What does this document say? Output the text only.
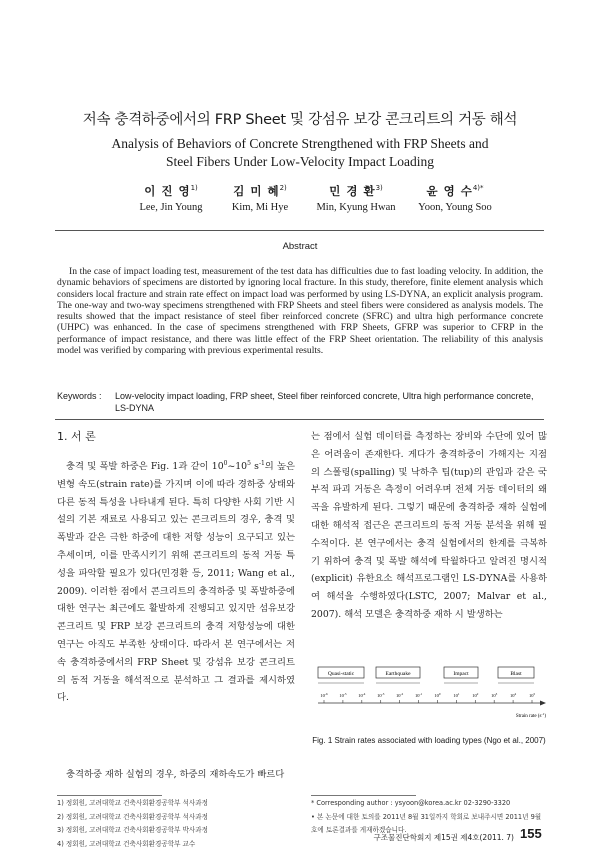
저속 충격하중에서의 FRP Sheet 및 강섬유 보강 콘크리트의 거동 해석
Analysis of Behaviors of Concrete Strengthened with FRP Sheets and
Steel Fibers Under Low-Velocity Impact Loading
이 진 영$^{1)}$
Lee, Jin Young
김 미 혜$^{2)}$
Kim, Mi Hye
민 경 환$^{3)}$
Min, Kyung Hwan
윤 영 수$^{4)*}$
Yoon, Young Soo
Abstract
In the case of impact loading test, measurement of the test data has difficulties due to fast loading velocity. In addition, the dynamic behaviors of specimens are distorted by ignoring local fracture. In this study, therefore, finite element analysis which considers local fracture and strain rate effect on impact load was performed by using LS-DYNA, an explicit analysis program. The one-way and two-way specimens strengthened with FRP Sheets and steel fibers were considered as analysis models. The results showed that the impact resistance of steel fiber reinforced concrete (SFRC) and ultra high performance concrete (UHPC) was enhanced. In the case of specimens strengthened with FRP Sheets, GFRP was superior to CFRP in the performance of impact resistance, and there was little effect of the FRP Sheet orientation. The reliability of this analysis model was verified by comparing with previous experimental results.
Keywords : Low-velocity impact loading, FRP sheet, Steel fiber reinforced concrete, Ultra high performance concrete, LS-DYNA
1. 서 론
충격 및 폭발 하중은 Fig. 1과 같이 $10^0\sim 10^5$ $s^{-1}$의 높은 변형 속도(strain rate)를 가지며 이에 따라 경하중 상태와 다른 동적 특성을 나타내게 된다. 특히 다양한 사회 기반 시설의 기본 재료로 사용되고 있는 콘크리트의 경우, 충격 및 폭발과 같은 극한 하중에 대한 저항 성능이 요구되고 있는 추세이며, 이를 만족시키기 위해 콘크리트의 동적 거동 특성을 파악할 필요가 있다(민경환 등, 2011; Wang et al., 2009). 이러한 점에서 콘크리트의 충격하중 및 폭발하중에 대한 연구는 최근에도 활발하게 진행되고 있지만 섬유보강 콘크리트 및 FRP 보강 콘크리트의 충격 저항성능에 대한 연구는 아직도 부족한 상태이다. 따라서 본 연구에서는 저속 충격하중에서의 FRP Sheet 및 강섬유 보강 콘크리트의 동적 거동을 해석적으로 분석하고 그 결과를 제시하였다.
충격하중 재하 실험의 경우, 하중의 재하속도가 빠르다
는 점에서 실험 데이터를 측정하는 장비와 수단에 있어 많은 어려움이 존재한다. 게다가 충격하중이 가해지는 지점의 스폴링(spalling) 및 낙하추 팁(tup)의 관입과 같은 국부적 파괴 거동은 측정이 어려우며 전체 거동 데이터의 왜곡을 유발하게 된다. 그렇기 때문에 충격하중 재하 실험에 대한 해석적 접근은 콘크리트의 동적 거동 분석을 위해 필수적이다. 본 연구에서는 충격 실험에서의 한계를 극복하기 위하여 충격 및 폭발 해석에 탁월하다고 알려진 명시적(explicit) 유한요소 해석프로그램인 LS-DYNA를 사용하여 해석을 수행하였다(LSTC, 2007; Malvar et al., 2007). 해석 모델은 충격하중 재하 시 발생하는
Quasi-static	Earthquake	Impact	Blast
$10^{-6}$	$10^{-5}$	$10^{-4}$	$10^{-3}$	$10^{-2}$	$10^{-1}$	$10^0$	$10^1$	$10^2$	$10^3$	$10^4$	$10^5$
Strain rate $(s^{-1})$
Fig. 1 Strain rates associated with loading types (Ngo et al., 2007)
1) 정회원, 고려대학교 건축사회환경공학부 석사과정
2) 정회원, 고려대학교 건축사회환경공학부 석사과정
3) 정회원, 고려대학교 건축사회환경공학부 박사과정
4) 정회원, 고려대학교 건축사회환경공학부 교수
* Corresponding author : ysyoon@korea.ac.kr 02-3290-3320
• 본 논문에 대한 토의를 2011년 8월 31일까지 학회로 보내주시면 2011년 9월
호에 토론결과를 게재하겠습니다.
구조물진단학회지 제15권 제4호(2011. 7) 155
